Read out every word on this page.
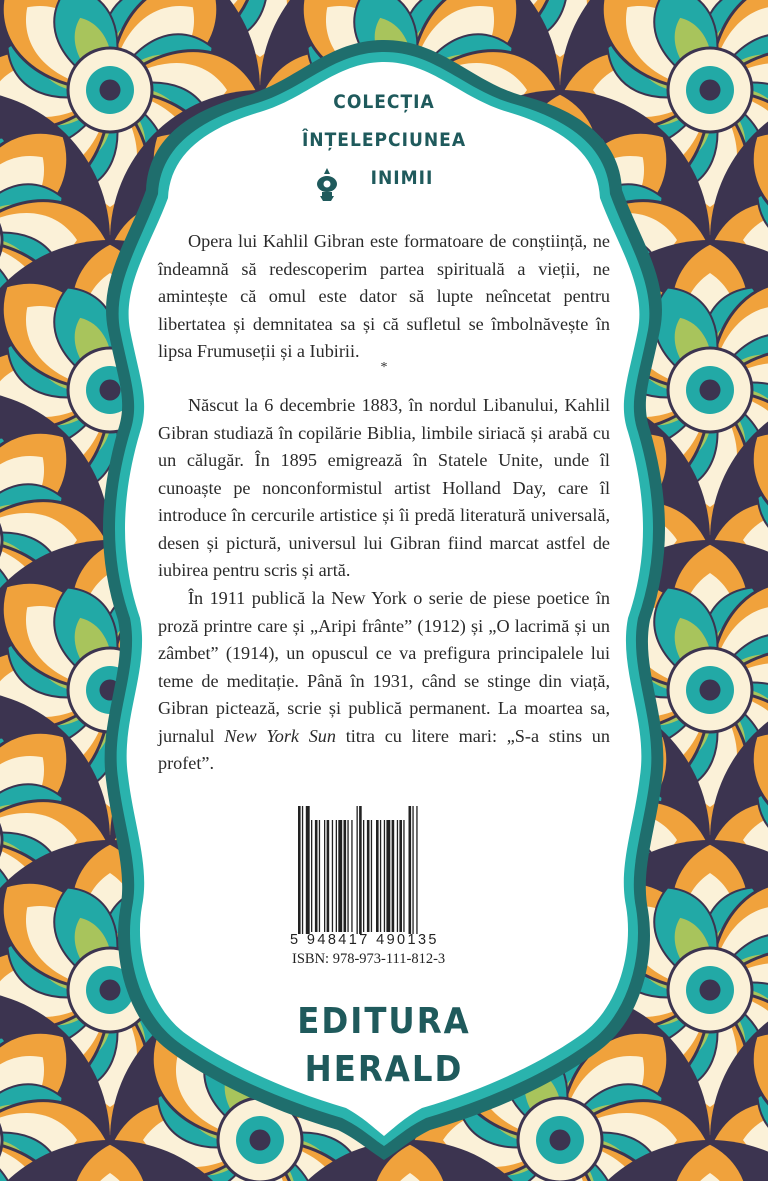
COLECȚIA
ÎNȚELEPCIUNEA
INIMII

Opera lui Kahlil Gibran este formatoare de conștiință, ne îndeamnă să redescoperim partea spirituală a vieții, ne amintește că omul este dator să lupte neîncetat pentru libertatea și demnitatea sa și că sufletul se îmbolnăvește în lipsa Frumuseții și a Iubirii.

*

Născut la 6 decembrie 1883, în nordul Libanului, Kahlil Gibran studiază în copilărie Biblia, limbile siriacă și arabă cu un călugăr. În 1895 emigrează în Statele Unite, unde îl cunoaște pe nonconformistul artist Holland Day, care îl introduce în cercurile artistice și îi predă literatură universală, desen și pictură, universul lui Gibran fiind marcat astfel de iubirea pentru scris și artă.

În 1911 publică la New York o serie de piese poetice în proză printre care și „Aripi frânte” (1912) și „O lacrimă și un zâmbet” (1914), un opuscul ce va prefigura principalele lui teme de meditație. Până în 1931, când se stinge din viață, Gibran pictează, scrie și publică permanent. La moartea sa, jurnalul New York Sun titra cu litere mari: „S-a stins un profet”.

5 948417 490135
ISBN: 978-973-111-812-3
EDITURA
HERALD
